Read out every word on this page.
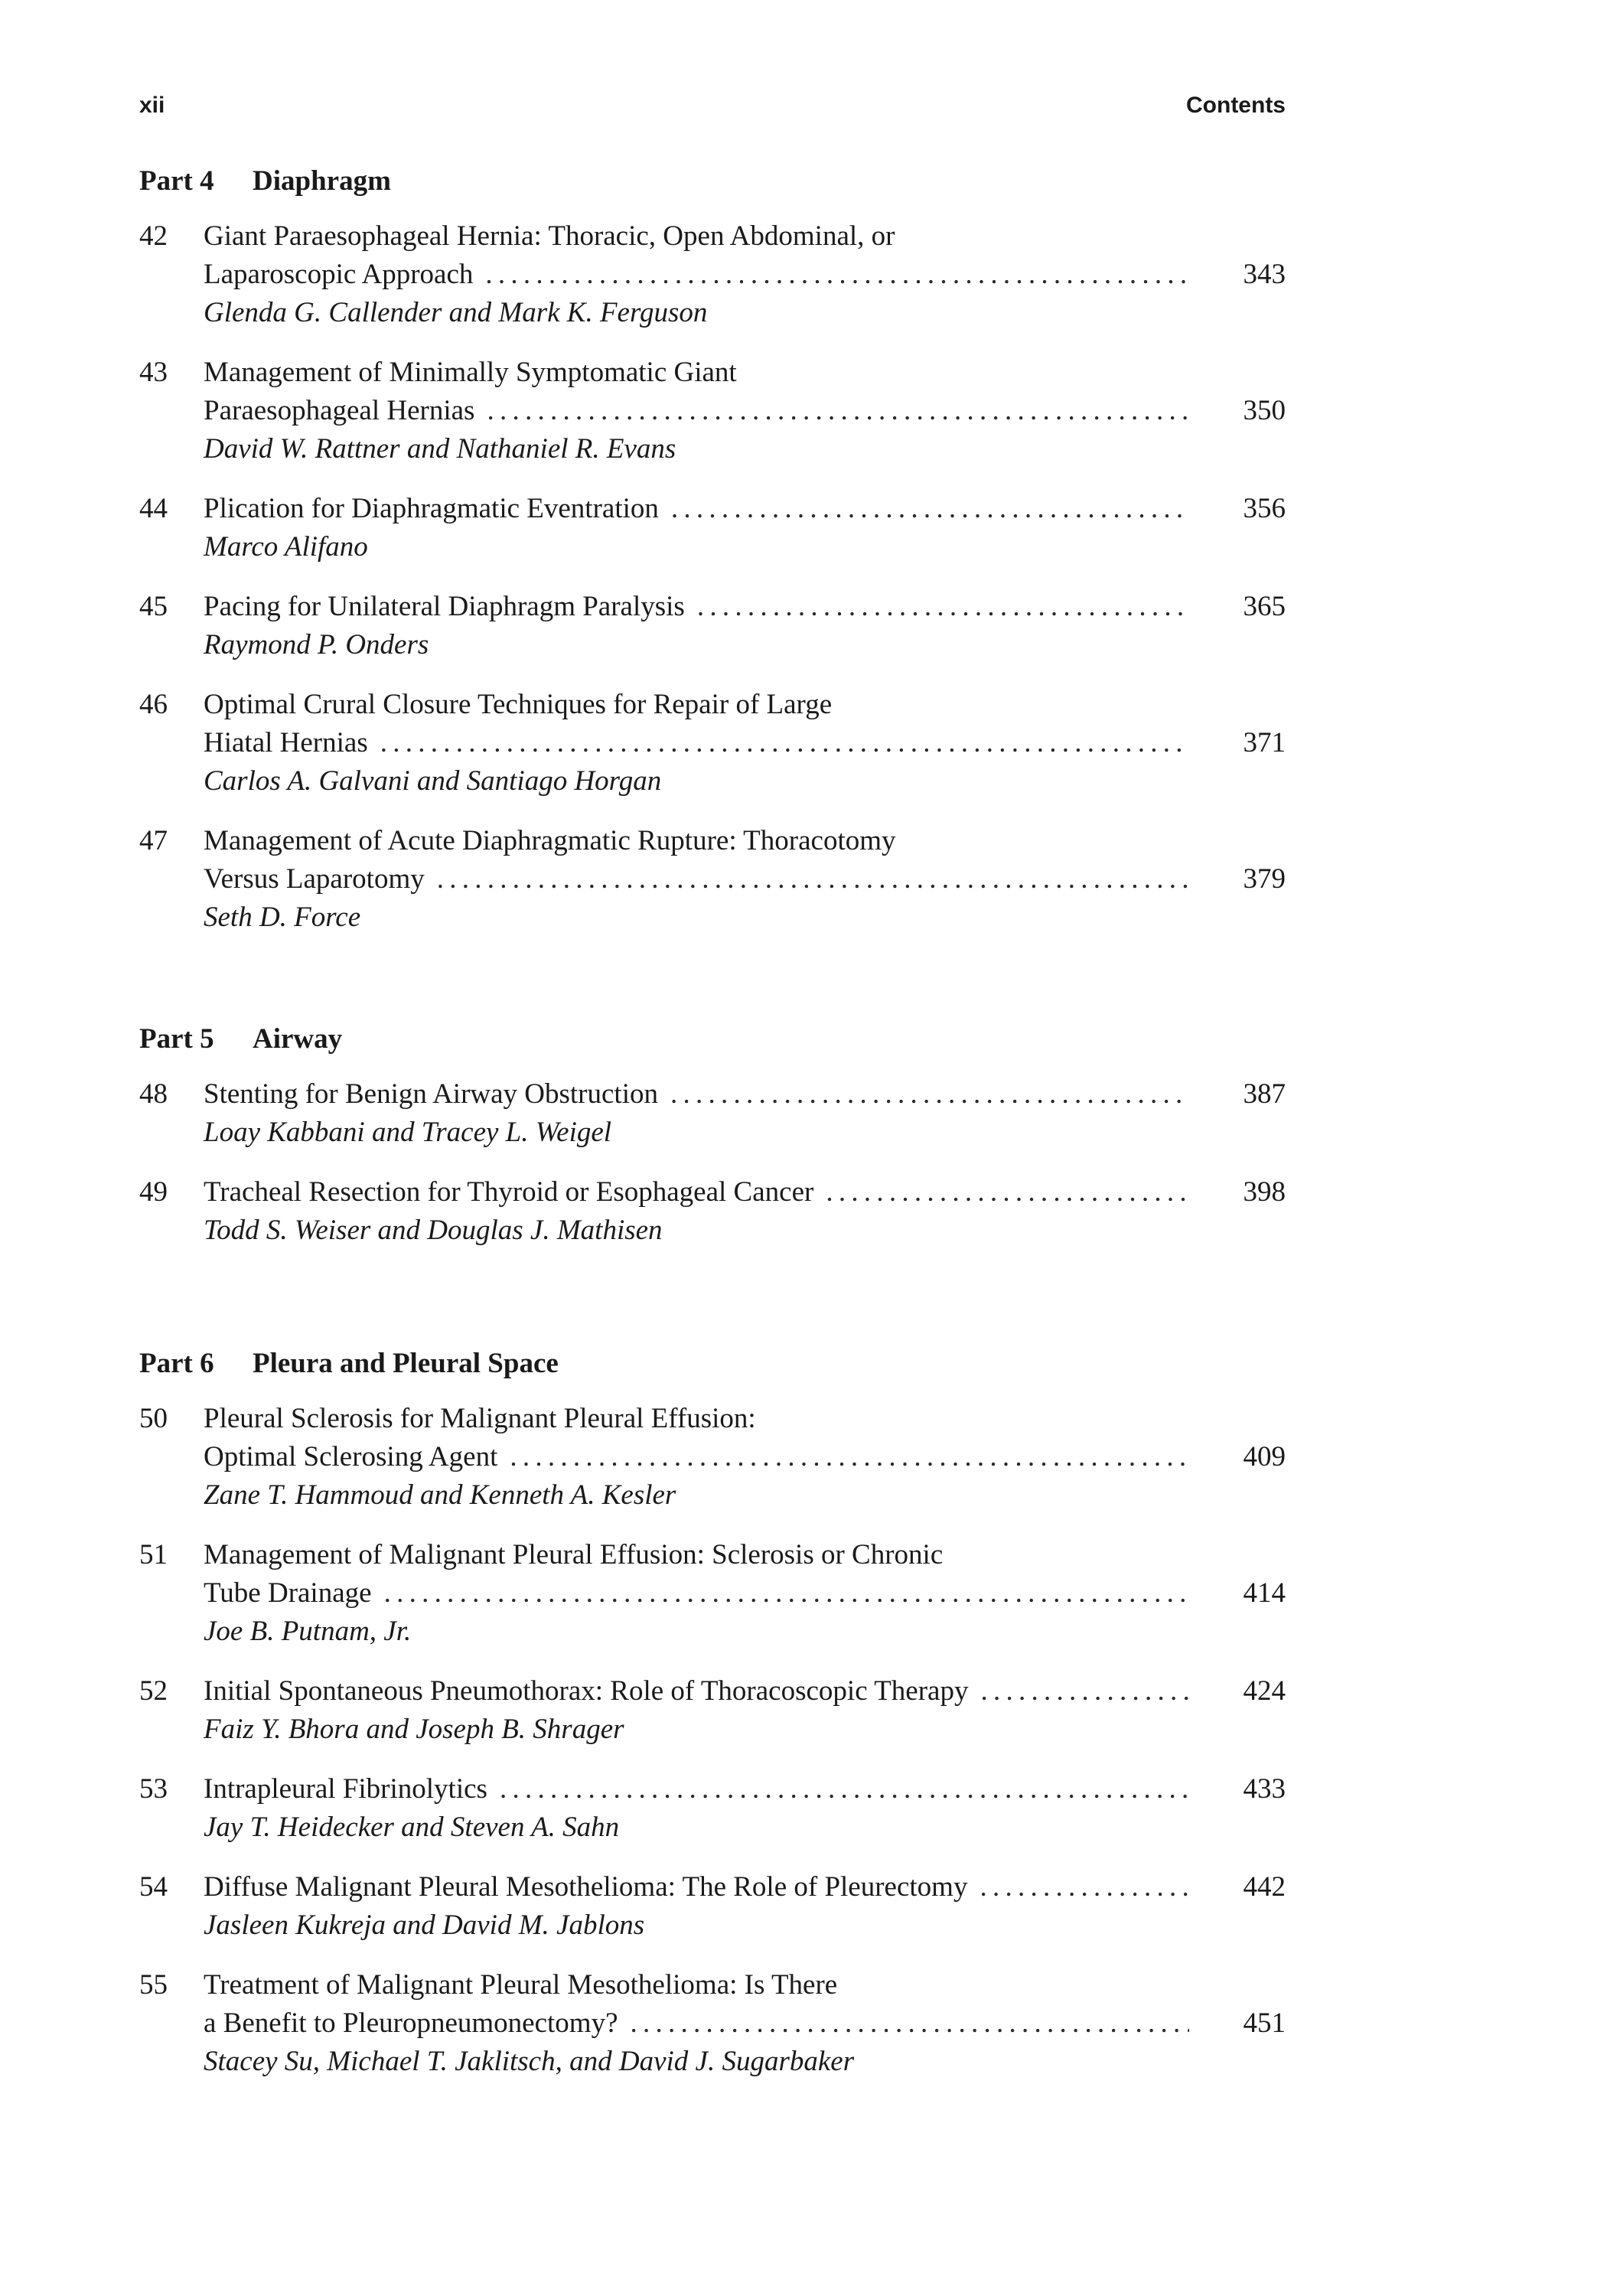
xii	Contents
Part 4 Diaphragm
42 Giant Paraesophageal Hernia: Thoracic, Open Abdominal, or
Laparoscopic Approach . . .	343
Glenda G. Callender and Mark K. Ferguson
43 Management of Minimally Symptomatic Giant
Paraesophageal Hernias . . .	350
David W. Rattner and Nathaniel R. Evans
44 Plication for Diaphragmatic Eventration . . .	356
Marco Alifano
45 Pacing for Unilateral Diaphragm Paralysis . . .	365
Raymond P. Onders
46 Optimal Crural Closure Techniques for Repair of Large
Hiatal Hernias . . .	371
Carlos A. Galvani and Santiago Horgan
47 Management of Acute Diaphragmatic Rupture: Thoracotomy
Versus Laparotomy . . .	379
Seth D. Force
Part 5 Airway
48 Stenting for Benign Airway Obstruction . . .	387
Loay Kabbani and Tracey L. Weigel
49 Tracheal Resection for Thyroid or Esophageal Cancer . . .	398
Todd S. Weiser and Douglas J. Mathisen
Part 6 Pleura and Pleural Space
50 Pleural Sclerosis for Malignant Pleural Effusion:
Optimal Sclerosing Agent . . .	409
Zane T. Hammoud and Kenneth A. Kesler
51 Management of Malignant Pleural Effusion: Sclerosis or Chronic
Tube Drainage . . .	414
Joe B. Putnam, Jr.
52 Initial Spontaneous Pneumothorax: Role of Thoracoscopic Therapy . . .	424
Faiz Y. Bhora and Joseph B. Shrager
53 Intrapleural Fibrinolytics . . .	433
Jay T. Heidecker and Steven A. Sahn
54 Diffuse Malignant Pleural Mesothelioma: The Role of Pleurectomy . . .	442
Jasleen Kukreja and David M. Jablons
55 Treatment of Malignant Pleural Mesothelioma: Is There
a Benefit to Pleuropneumonectomy? . . .	451
Stacey Su, Michael T. Jaklitsch, and David J. Sugarbaker
